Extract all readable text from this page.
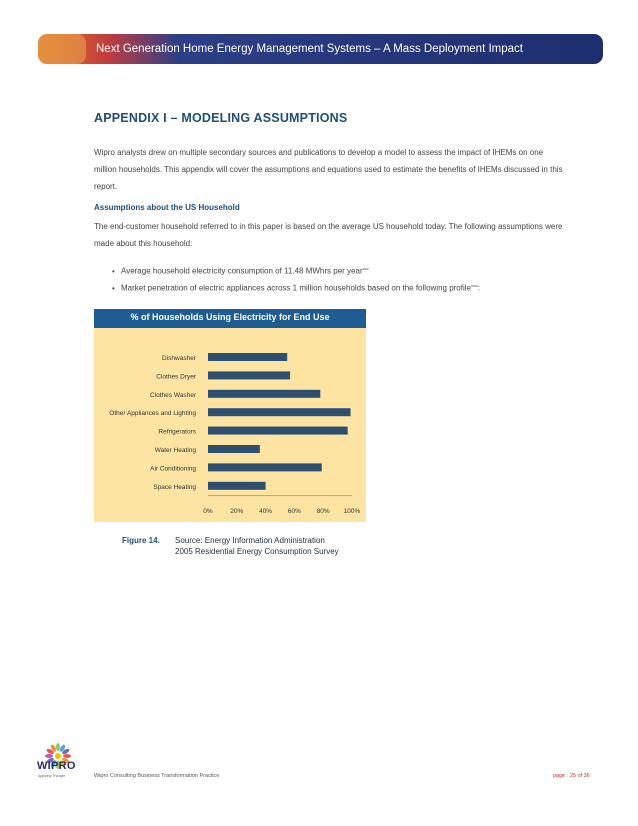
Next Generation Home Energy Management Systems – A Mass Deployment Impact
APPENDIX I – MODELING ASSUMPTIONS
Wipro analysts drew on multiple secondary sources and publications to develop a model to assess the impact of IHEMs on one million households. This appendix will cover the assumptions and equations used to estimate the benefits of IHEMs discussed in this report.
Assumptions about the US Household
The end-customer household referred to in this paper is based on the average US household today. The following assumptions were made about this household:
• Average household electricity consumption of 11.48 MWhrs per year$^{xxv}$
• Market penetration of electric appliances across 1 million households based on the following profile$^{xxvi}$:
% of Households Using Electricity for End Use
Dishwasher
Clothes Dryer
Clothes Washer
Other Appliances and Lighting
Refrigerators
Water Heating
Air Conditioning
Space Heating
0%	20% 40% 60% 80% 100%
Figure 14. Source: Energy Information Administration
2005 Residential Energy Consumption Survey
WIPRO
Applying Thought	Wipro Consulting Business Transformation Practice	page : 25 of 36
